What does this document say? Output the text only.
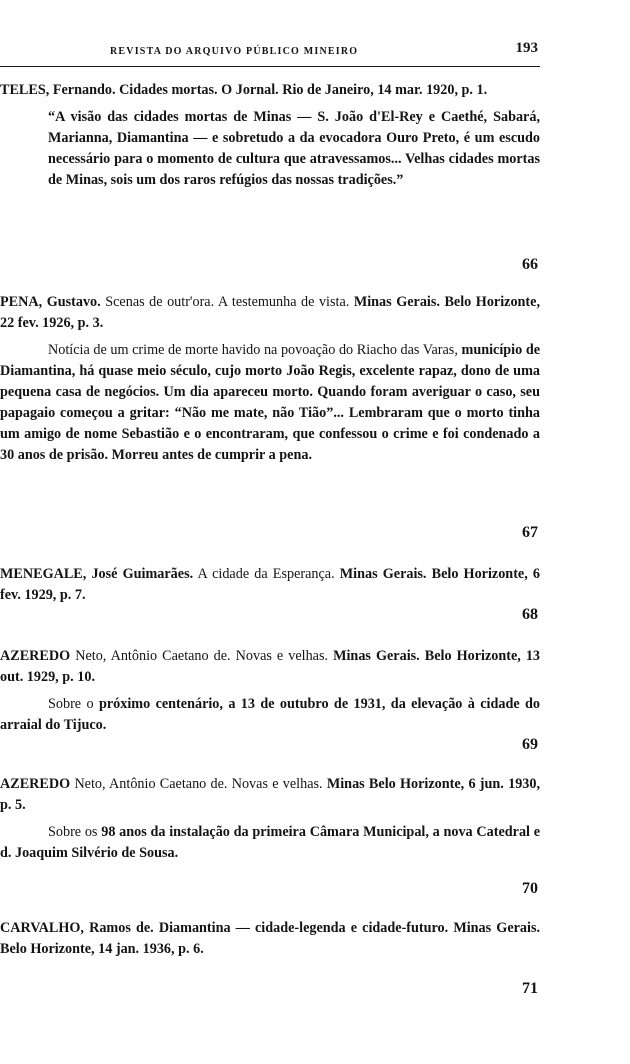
REVISTA DO ARQUIVO PÚBLICO MINEIRO	193

TELES, Fernando. Cidades mortas. O Jornal. Rio de Janeiro, 14 mar. 1920, p. 1.

“A visão das cidades mortas de Minas — S. João d'El-Rey e Caethé, Sabará, Marianna, Diamantina — e sobretudo a da evocadora Ouro Preto, é um escudo necessário para o momento de cultura que atravessamos... Velhas cidades mortas de Minas, sois um dos raros refúgios das nossas tradições.”

66

PENA, Gustavo. Scenas de outr'ora. A testemunha de vista. Minas Gerais. Belo Horizonte, 22 fev. 1926, p. 3.

Notícia de um crime de morte havido na povoação do Riacho das Varas, município de Diamantina, há quase meio século, cujo morto João Regis, excelente rapaz, dono de uma pequena casa de negócios. Um dia apareceu morto. Quando foram averiguar o caso, seu papagaio começou a gritar: “Não me mate, não Tião”... Lembraram que o morto tinha um amigo de nome Sebastião e o encontraram, que confessou o crime e foi condenado a 30 anos de prisão. Morreu antes de cumprir a pena.

67

MENEGALE, José Guimarães. A cidade da Esperança. Minas Gerais. Belo Horizonte, 6 fev. 1929, p. 7.

68

AZEREDO Neto, Antônio Caetano de. Novas e velhas. Minas Gerais. Belo Horizonte, 13 out. 1929, p. 10.

Sobre o próximo centenário, a 13 de outubro de 1931, da elevação à cidade do arraial do Tijuco.

69

AZEREDO Neto, Antônio Caetano de. Novas e velhas. Minas Belo Horizonte, 6 jun. 1930, p. 5.

Sobre os 98 anos da instalação da primeira Câmara Municipal, a nova Catedral e d. Joaquim Silvério de Sousa.

70

CARVALHO, Ramos de. Diamantina — cidade-legenda e cidade-futuro. Minas Gerais. Belo Horizonte, 14 jan. 1936, p. 6.

71
